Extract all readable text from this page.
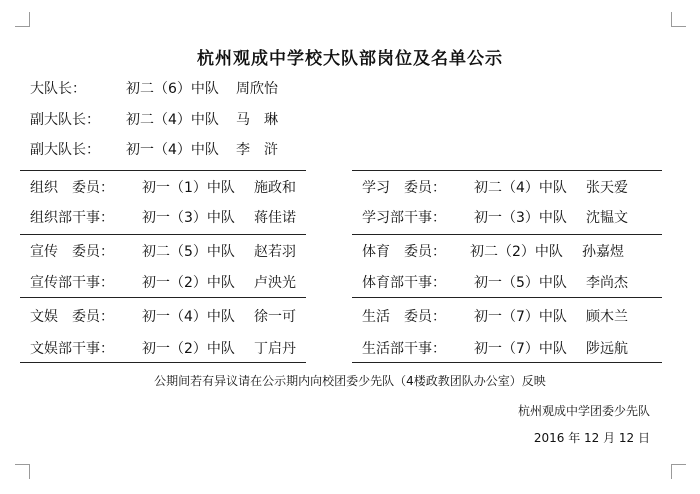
杭州观成中学校大队部岗位及名单公示
大队长：	初二（6）中队 周欣怡
副大队长： 初二（4）中队 马　琳
副大队长： 初一（4）中队 李　浒
组织　委员： 初一（1）中队 施政和
组织部干事： 初一（3）中队 蒋佳诺
宣传　委员： 初二（5）中队 赵若羽
宣传部干事： 初一（2）中队 卢泱光
文娱　委员： 初一（4）中队 徐一可
文娱部干事： 初一（2）中队 丁启丹
学习　委员： 初二（4）中队 张天爱
学习部干事： 初一（3）中队 沈韫文
体育　委员： 初二（2）中队 孙嘉煜
体育部干事： 初一（5）中队 李尚杰
生活　委员： 初一（7）中队 顾木兰
生活部干事： 初一（7）中队 陟远航
公期间若有异议请在公示期内向校团委少先队（4楼政教团队办公室）反映
杭州观成中学团委少先队
2016 年 12 月 12 日
